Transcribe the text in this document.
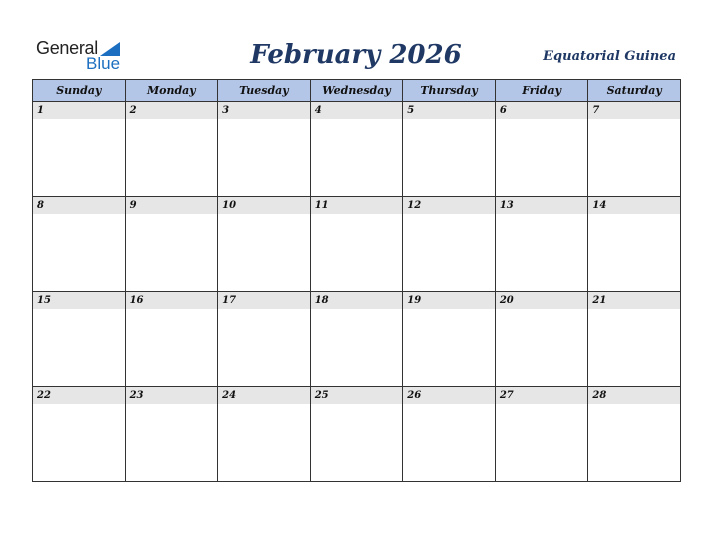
General
Blue	February 2026	Equatorial Guinea
Sunday	Monday	Tuesday	Wednesday	Thursday	Friday	Saturday

1	2	3	4	5	6	7

8	9	10	11	12	13	14

15	16	17	18	19	20	21

22	23	24	25	26	27	28
